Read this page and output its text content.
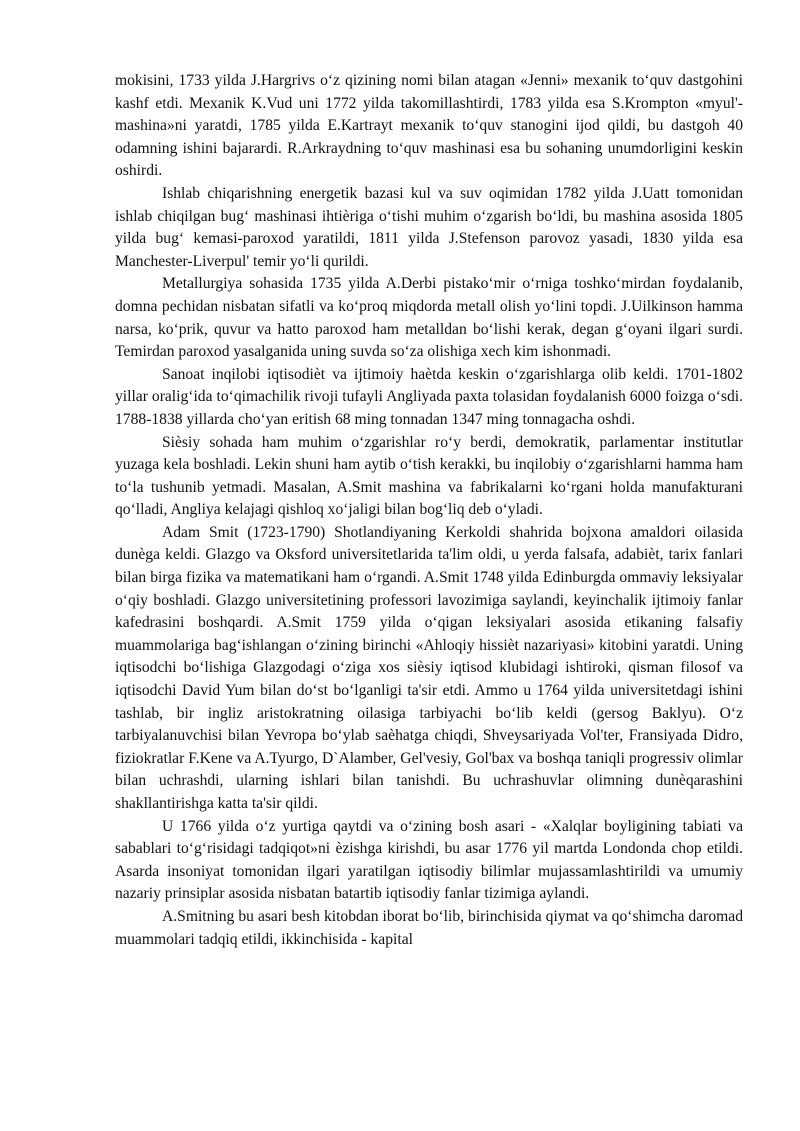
mokisini, 1733 yilda J.Hargrivs o‘z qizining nomi bilan atagan «Jenni» mexanik to‘quv dastgohini kashf etdi. Mexanik K.Vud uni 1772 yilda takomillashtirdi, 1783 yilda esa S.Krompton «myul'-mashina»ni yaratdi, 1785 yilda E.Kartrayt mexanik to‘quv stanogini ijod qildi, bu dastgoh 40 odamning ishini bajarardi. R.Arkraydning to‘quv mashinasi esa bu sohaning unumdorligini keskin oshirdi.

Ishlab chiqarishning energetik bazasi kul va suv oqimidan 1782 yilda J.Uatt tomonidan ishlab chiqilgan bug‘ mashinasi ihtièriga o‘tishi muhim o‘zgarish bo‘ldi, bu mashina asosida 1805 yilda bug‘ kemasi-paroxod yaratildi, 1811 yilda J.Stefenson parovoz yasadi, 1830 yilda esa Manchester-Liverpul' temir yo‘li qurildi.

Metallurgiya sohasida 1735 yilda A.Derbi pistako‘mir o‘rniga toshko‘mirdan foydalanib, domna pechidan nisbatan sifatli va ko‘proq miqdorda metall olish yo‘lini topdi. J.Uilkinson hamma narsa, ko‘prik, quvur va hatto paroxod ham metalldan bo‘lishi kerak, degan g‘oyani ilgari surdi. Temirdan paroxod yasalganida uning suvda so‘za olishiga xech kim ishonmadi.

Sanoat inqilobi iqtisodièt va ijtimoiy haètda keskin o‘zgarishlarga olib keldi. 1701-1802 yillar oralig‘ida to‘qimachilik rivoji tufayli Angliyada paxta tolasidan foydalanish 6000 foizga o‘sdi. 1788-1838 yillarda cho‘yan eritish 68 ming tonnadan 1347 ming tonnagacha oshdi.

Sièsiy sohada ham muhim o‘zgarishlar ro‘y berdi, demokratik, parlamentar institutlar yuzaga kela boshladi. Lekin shuni ham aytib o‘tish kerakki, bu inqilobiy o‘zgarishlarni hamma ham to‘la tushunib yetmadi. Masalan, A.Smit mashina va fabrikalarni ko‘rgani holda manufakturani qo‘lladi, Angliya kelajagi qishloq xo‘jaligi bilan bog‘liq deb o‘yladi.

Adam Smit (1723-1790) Shotlandiyaning Kerkoldi shahrida bojxona amaldori oilasida dunèga keldi. Glazgo va Oksford universitetlarida ta'lim oldi, u yerda falsafa, adabièt, tarix fanlari bilan birga fizika va matematikani ham o‘rgandi. A.Smit 1748 yilda Edinburgda ommaviy leksiyalar o‘qiy boshladi. Glazgo universitetining professori lavozimiga saylandi, keyinchalik ijtimoiy fanlar kafedrasini boshqardi. A.Smit 1759 yilda o‘qigan leksiyalari asosida etikaning falsafiy muammolariga bag‘ishlangan o‘zining birinchi «Ahloqiy hissièt nazariyasi» kitobini yaratdi. Uning iqtisodchi bo‘lishiga Glazgodagi o‘ziga xos sièsiy iqtisod klubidagi ishtiroki, qisman filosof va iqtisodchi David Yum bilan do‘st bo‘lganligi ta'sir etdi. Ammo u 1764 yilda universitetdagi ishini tashlab, bir ingliz aristokratning oilasiga tarbiyachi bo‘lib keldi (gersog Baklyu). O‘z tarbiyalanuvchisi bilan Yevropa bo‘ylab saèhatga chiqdi, Shveysariyada Vol'ter, Fransiyada Didro, fiziokratlar F.Kene va A.Tyurgo, D`Alamber, Gel'vesiy, Gol'bax va boshqa taniqli progressiv olimlar bilan uchrashdi, ularning ishlari bilan tanishdi. Bu uchrashuvlar olimning dunèqarashini shakllantirishga katta ta'sir qildi.

U 1766 yilda o‘z yurtiga qaytdi va o‘zining bosh asari - «Xalqlar boyligining tabiati va sabablari to‘g‘risidagi tadqiqot»ni èzishga kirishdi, bu asar 1776 yil martda Londonda chop etildi. Asarda insoniyat tomonidan ilgari yaratilgan iqtisodiy bilimlar mujassamlashtirildi va umumiy nazariy prinsiplar asosida nisbatan batartib iqtisodiy fanlar tizimiga aylandi.

A.Smitning bu asari besh kitobdan iborat bo‘lib, birinchisida qiymat va qo‘shimcha daromad muammolari tadqiq etildi, ikkinchisida - kapital
